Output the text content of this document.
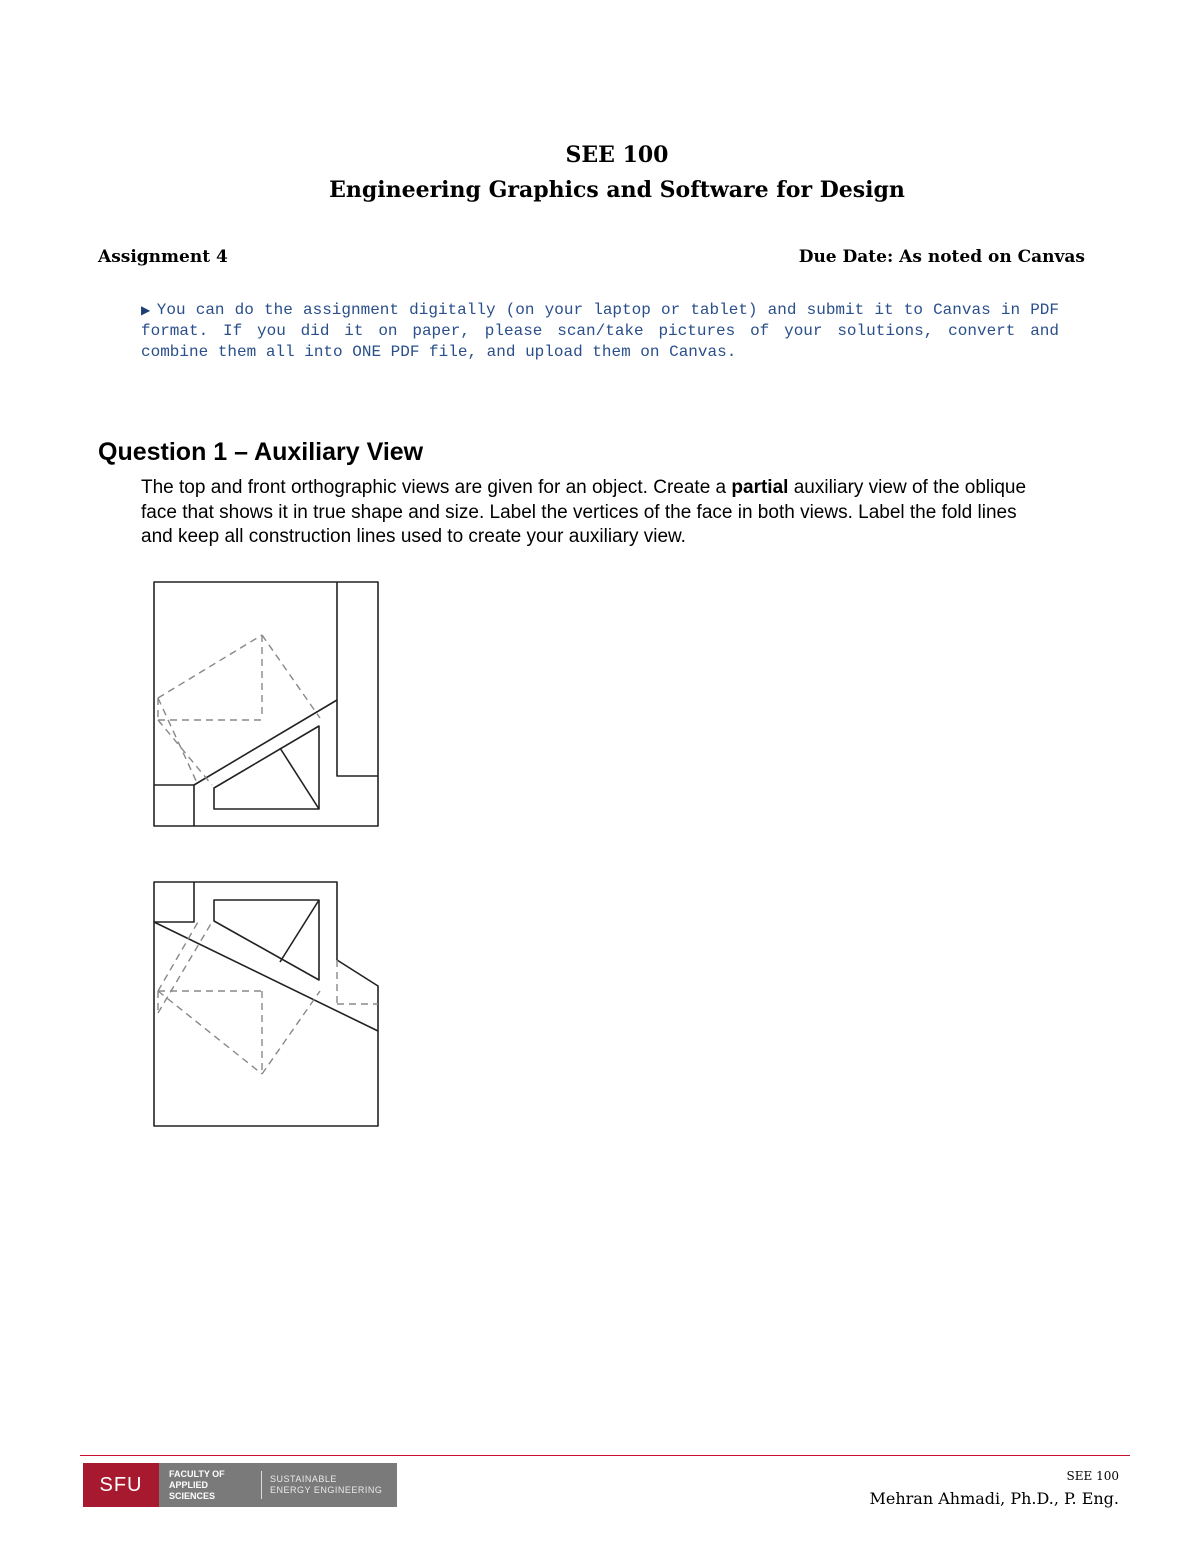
SEE 100
Engineering Graphics and Software for Design
Assignment 4	Due Date: As noted on Canvas
▶ You can do the assignment digitally (on your laptop or tablet) and submit it to Canvas in PDF format. If you did it on paper, please scan/take pictures of your solutions, convert and combine them all into ONE PDF file, and upload them on Canvas.
Question 1 – Auxiliary View
The top and front orthographic views are given for an object. Create a partial auxiliary view of the oblique face that shows it in true shape and size. Label the vertices of the face in both views. Label the fold lines and keep all construction lines used to create your auxiliary view.
SFU	FACULTY OF
APPLIED SCIENCES
SUSTAINABLE
ENERGY ENGINEERING
SEE 100
Mehran Ahmadi, Ph.D., P. Eng.
